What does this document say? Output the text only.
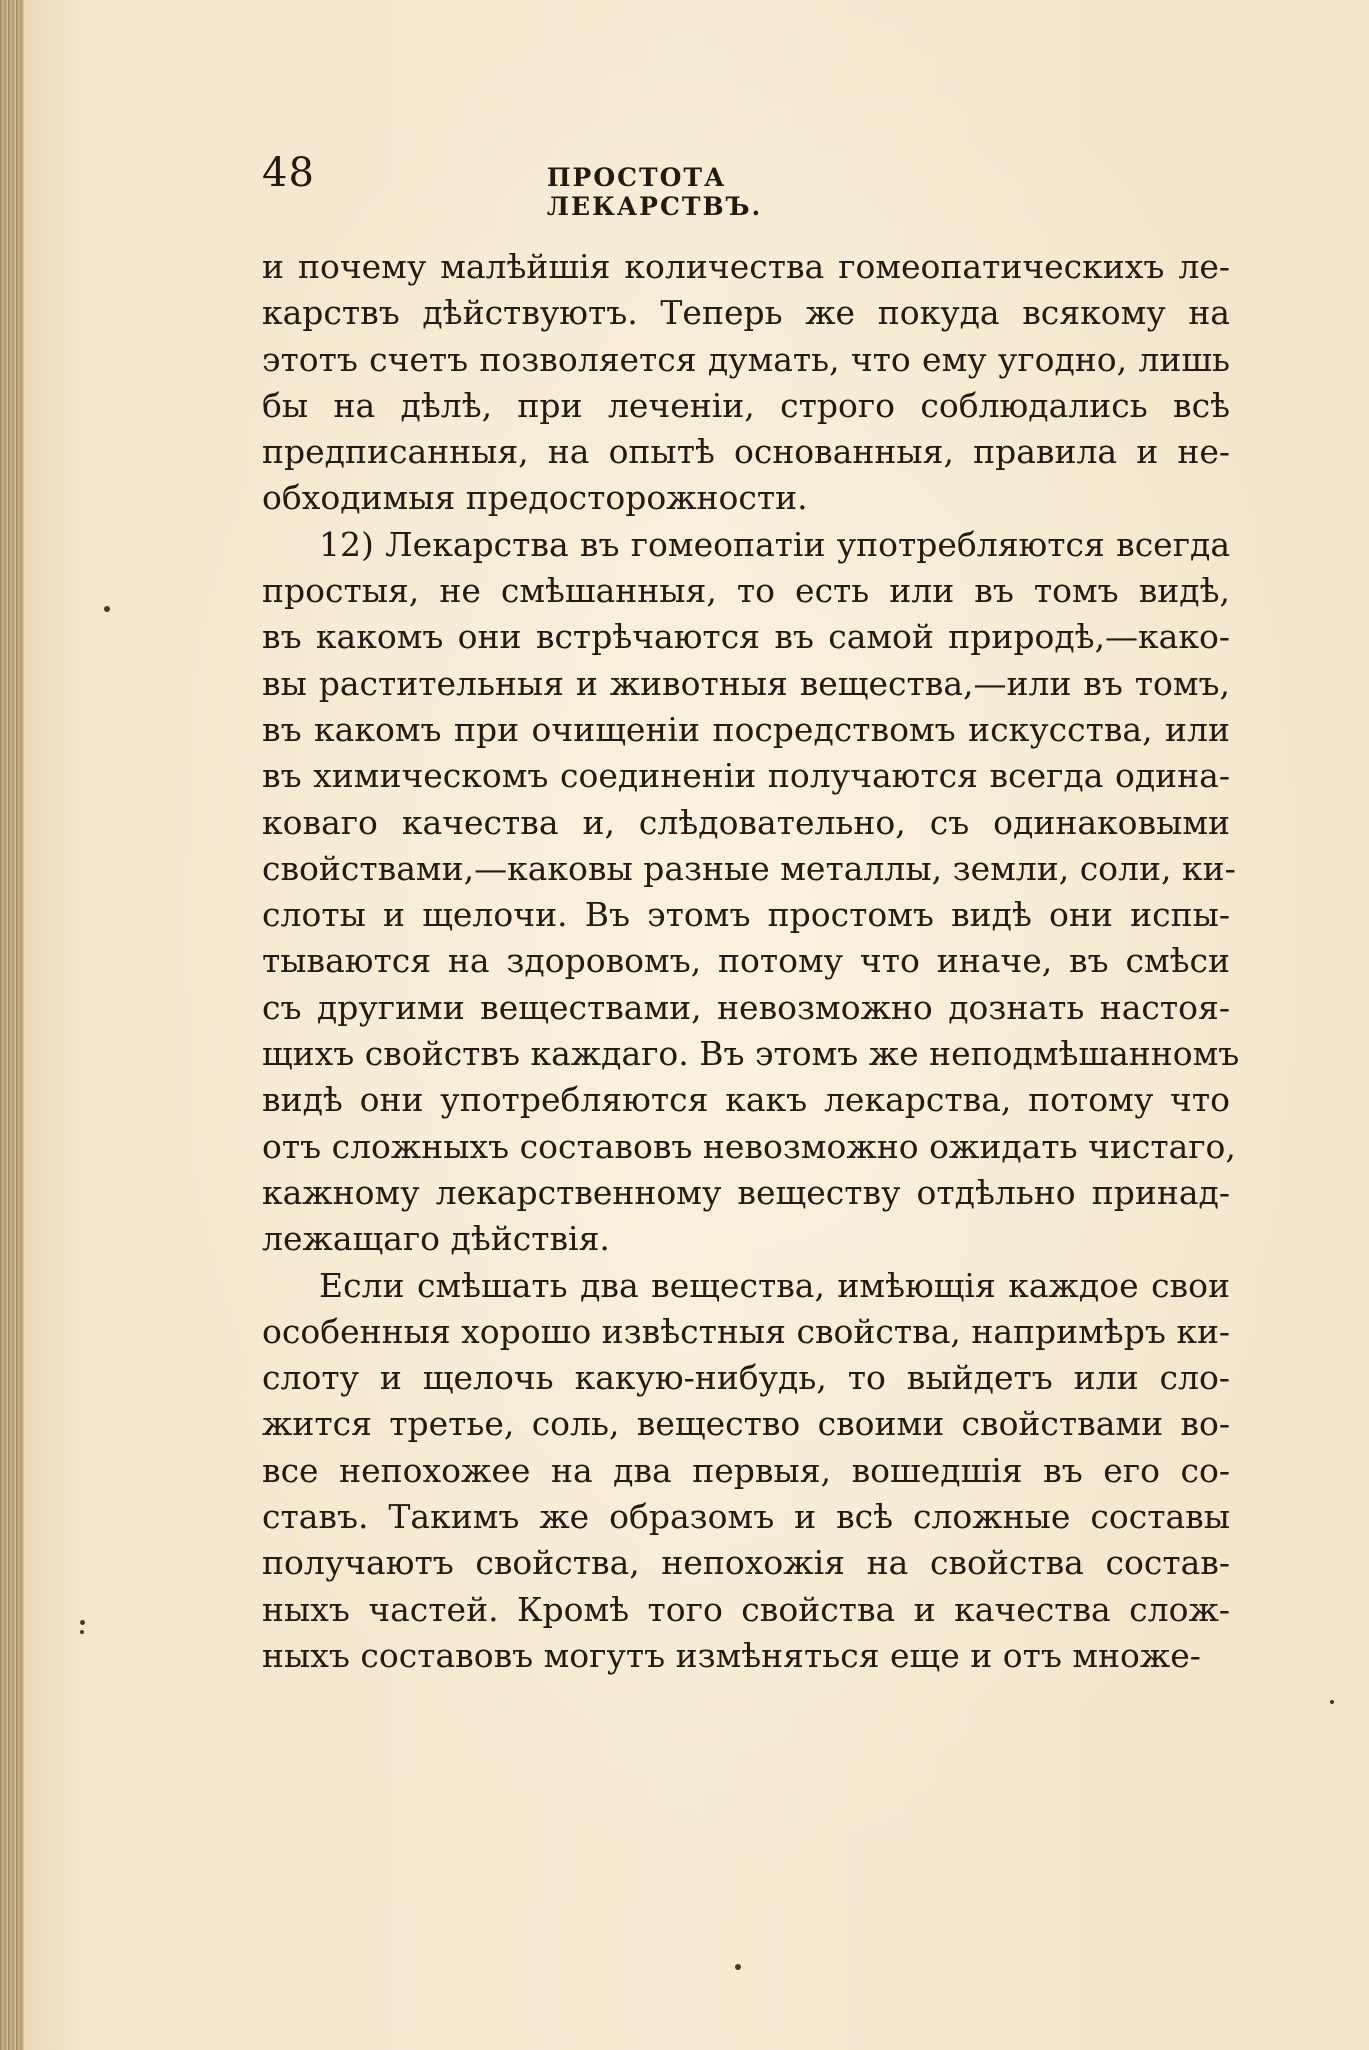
48	ПРОСТОТА ЛЕКАРСТВЪ.
и почему малѣйшія количества гомеопатическихъ ле-
карствъ дѣйствуютъ. Теперь же покуда всякому на
этотъ счетъ позволяется думать, что ему угодно, лишь
бы на дѣлѣ, при леченіи, строго соблюдались всѣ
предписанныя, на опытѣ основанныя, правила и не-
обходимыя предосторожности.
12) Лекарства въ гомеопатіи употребляются всегда
простыя, не смѣшанныя, то есть или въ томъ видѣ,
въ какомъ они встрѣчаются въ самой природѣ,—како-
вы растительныя и животныя вещества,—или въ томъ,
въ какомъ при очищеніи посредствомъ искусства, или
въ химическомъ соединеніи получаются всегда одина-
коваго качества и, слѣдовательно, съ одинаковыми
свойствами,—каковы разные металлы, земли, соли, ки-
слоты и щелочи. Въ этомъ простомъ видѣ они испы-
тываются на здоровомъ, потому что иначе, въ смѣси
съ другими веществами, невозможно дознать настоя-
щихъ свойствъ каждаго. Въ этомъ же неподмѣшанномъ
видѣ они употребляются какъ лекарства, потому что
отъ сложныхъ составовъ невозможно ожидать чистаго,
кажному лекарственному веществу отдѣльно принад-
лежащаго дѣйствія.
Если смѣшать два вещества, имѣющія каждое свои
особенныя хорошо извѣстныя свойства, напримѣръ ки-
слоту и щелочь какую-нибудь, то выйдетъ или сло-
жится третье, соль, вещество своими свойствами во-
все непохожее на два первыя, вошедшія въ его со-
ставъ. Такимъ же образомъ и всѣ сложные составы
получаютъ свойства, непохожія на свойства состав-
ныхъ частей. Кромѣ того свойства и качества слож-
ныхъ составовъ могутъ измѣняться еще и отъ множе-
